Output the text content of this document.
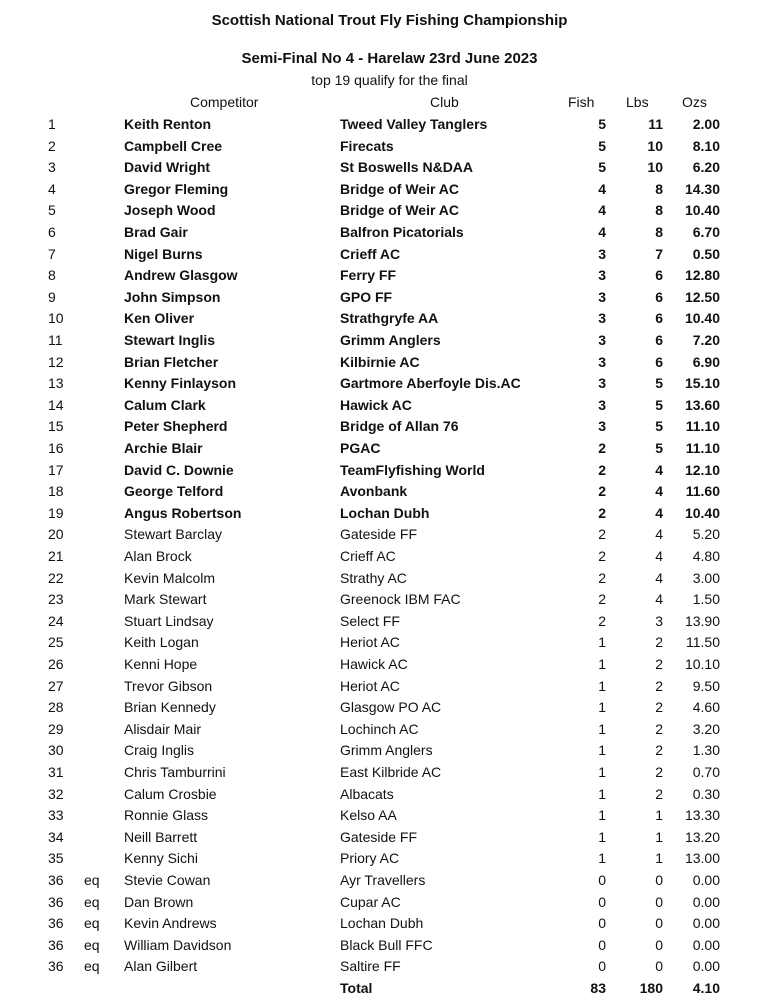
Scottish National Trout Fly Fishing Championship
Semi-Final No 4 - Harelaw 23rd June 2023
top 19 qualify for the final
Competitor	Club	Fish Lbs Ozs
1	Keith Renton	Tweed Valley Tanglers	5	11	2.00
2	Campbell Cree	Firecats	5	10	8.10
3	David Wright	St Boswells N&DAA	5	10	6.20
4	Gregor Fleming	Bridge of Weir AC	4	8	14.30
5	Joseph Wood	Bridge of Weir AC	4	8	10.40
6	Brad Gair	Balfron Picatorials	4	8	6.70
7	Nigel Burns	Crieff AC	3	7	0.50
8	Andrew Glasgow	Ferry FF	3	6	12.80
9	John Simpson	GPO FF	3	6	12.50
10	Ken Oliver	Strathgryfe AA	3	6	10.40
11	Stewart Inglis	Grimm Anglers	3	6	7.20
12	Brian Fletcher	Kilbirnie AC	3	6	6.90
13	Kenny Finlayson	Gartmore Aberfoyle Dis.AC	3	5	15.10
14	Calum Clark	Hawick AC	3	5	13.60
15	Peter Shepherd	Bridge of Allan 76	3	5	11.10
16	Archie Blair	PGAC	2	5	11.10
17	David C. Downie	TeamFlyfishing World	2	4	12.10
18	George Telford	Avonbank	2	4	11.60
19	Angus Robertson	Lochan Dubh	2	4	10.40
20	Stewart Barclay	Gateside FF	2	4	5.20
21	Alan Brock	Crieff AC	2	4	4.80
22	Kevin Malcolm	Strathy AC	2	4	3.00
23	Mark Stewart	Greenock IBM FAC	2	4	1.50
24	Stuart Lindsay	Select FF	2	3	13.90
25	Keith Logan	Heriot AC	1	2	11.50
26	Kenni Hope	Hawick AC	1	2	10.10
27	Trevor Gibson	Heriot AC	1	2	9.50
28	Brian Kennedy	Glasgow PO AC	1	2	4.60
29	Alisdair Mair	Lochinch AC	1	2	3.20
30	Craig Inglis	Grimm Anglers	1	2	1.30
31	Chris Tamburrini	East Kilbride AC	1	2	0.70
32	Calum Crosbie	Albacats	1	2	0.30
33	Ronnie Glass	Kelso AA	1	1	13.30
34	Neill Barrett	Gateside FF	1	1	13.20
35	Kenny Sichi	Priory AC	1	1	13.00
36 eq Stevie Cowan	Ayr Travellers	0	0	0.00
36 eq Dan Brown	Cupar AC	0	0	0.00
36 eq Kevin Andrews	Lochan Dubh	0	0	0.00
36 eq William Davidson	Black Bull FFC	0	0	0.00
36 eq Alan Gilbert	Saltire FF	0	0	0.00
Total	83	180	4.10
